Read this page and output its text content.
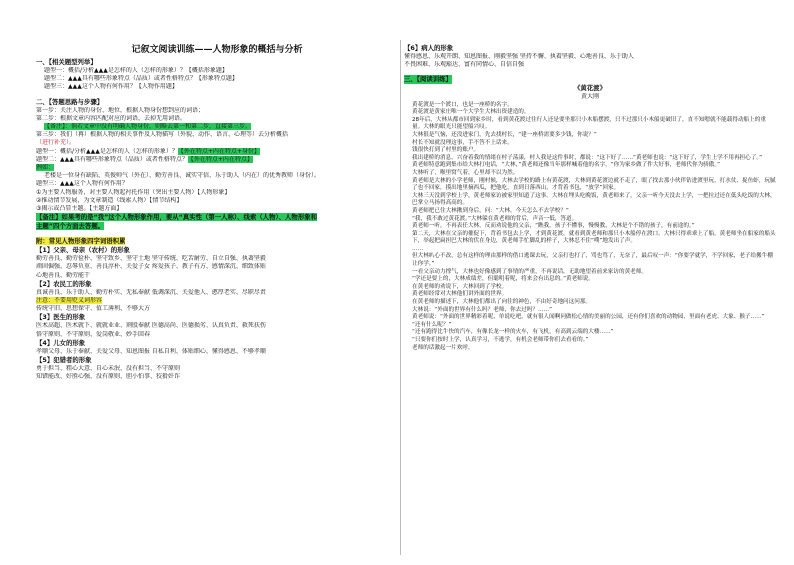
记叙文阅读训练——人物形象的概括与分析
一、【相关题型列举】
题型一：概括/分析▲▲▲是怎样的人（怎样的形象）？【概括形象题】
题型二：▲▲▲具有哪些形象特点（品质）或者性格特点？【形象特点题】
题型三：▲▲▲这个人物有何作用？【人物作用题】
二、【答题思路与步骤】
第一步：关注人物的身份、地位，根据人物身份想到应的词语；
第二步：根据文章内容匹配对应的词语，去掉无用词语。
【备注】：倘若文章中没有明确人物身份，则略去第一和第二步，直接第三步。
第三步：我们（再）根据人物的相关事件及人物描写（外貌、动作、语言、心理等）去分析概括
（进行补充）。
题型一：概括/分析▲▲▲是怎样的人（怎样的形象）？【外在特点+内在特点+身份】
题型二：▲▲▲具有哪些形象特点（品质）或者性格特点？【外在特点+内在特点】
例如：
老楼是一位身有缺陷、英俊帅气（外在）、勤劳善良、诚实守信、乐于助人（内在）的优秀教师（身份）。
题型三：▲▲▲这个人物有何作用？
①为主要人物服务，对主要人物起衬托作用（突出主要人物）【人物形象】
②推动情节发展，为文章制造（线索人物）【情节结构】
③揭示或凸显主题。【主题方面】
【备注】如果考的是“我”这个人物形象作用，要从“真实性（第一人称）、线索（人物）、人物形象和
主题”四个方面去答题。
附：常见人物形象四字词语积累
【1】父亲、母亲（农村）的形象
勤劳善良、勤劳俭朴、坚守致乡、坚守土地 坚守传统、吃苦耐劳、自立自强、执著坚毅
顽固倔强、忍辱负重、善良淳朴、关爱子女 疼爱孩子、教子有方、感情深沉、细致体贴
心地善良、勤劳能干
【2】农民工的形象
真诚善良、乐于助人、勤劳朴实、无私奉献 低调深沉、关爱他人、憨厚老实、尽职尽责
注意：不要用贬义词形容
传统守旧、思想保守、值工薄利、不够大方
【3】医生的形象
医术高超、医术就下、就就业业、割股奉献 医德高尚、医德损劣、认真负责、救死扶伤
恪守原则、不守原则、爱岗敬业、妙手回春
【4】儿女的形象
孝顺父母、乐于奉献、关爱父母、知恩图报 自私自利、体贴细心、懂得感恩、不够孝顺
【5】犯错者的形象
勇于担当、粗心大意、自心未泯、没有担当、不守原则
知错能改、好胜心强、没有原则、胆小怕事、狡猾奸诈
【6】病人的形象
懂得感恩、乐观开朗、知恩图报、刚毅坚强 坚持不懈、执着坚毅、心地善良、乐于助人
不畏困难、乐观豁达、富有同情心、自信自强
三、【阅读训练】
《黄花渡》
黄大刚
黄花渡是一个渡口，也是一座桥的名字。
黄花渡是黄家庄唯一个大学生大林出资建造的。
28年后，大林从都市回到家乡时，看到黄花渡过往行人还是要坐那只小木船摆渡，只不过那只小木船更破旧了，直不知嗯就不能载得动船上的重量。大林的眼光只能望船兴叹。
大林很是气恼，还没进家门，先去找村长，“建一座桥需要多少钱，你说？”
村长不知就没理这事，手不答不上话来。
钱很快打到了村里的账户。
我出建桥的消息，兴奋着我的情绪在村子荡漾，村人我是这件事时，都说：“这下好了……”黄老师也说：“这下好了，学生上学不用再担心了。”
黄老师特意跑到集市给大林打电话，“大林，”黄老师还像当年那样喊着他的名字，“你为家乡做了件大好事，老师代你为骄傲。”
大林听了，喉里窝气着，心里却不以为然。
黄老师是大林的小学老师，刚村候，大林去学校的路上有黄花渡，大林到黄花渡边就不走了，眼了找去那小伙伴钻进渡里玩，打水仗、捉鱼虾，玩腻了也不回家，摸出地里摘西瓜，把他吃，直到日落西山，才背着书包，“放学”回家。
大林三天没到学校上学，黄老师家访被家里知道了这事。大林在埋头吃晚饭，黄老师来了，父亲一听今天没去上学，一把拉过还在低头吃饭的大林，巴掌立马扬得高高的。
黄老师把已住大林揪到身后，问：“大林，今天怎么不去学校？”
“我，我不敢过黄花渡。”大林躲在黄老师的背后，声音一低，答道。
黄老师一听，不再表任大林，反而劝说他的父亲，“瞧我，孩子不懂事，慢慢教，大林是个不错的孩子，有前途的。”
第二天，大林在父亲的催促下，背着书包去上学，才到黄花渡，就看到黄老师和那只小木船停在渡口。大林只得乖乖上了船，黄老师坐在船家的船头下，举起把扁担巴大林的伏在身边，黄老师手忙脚乱的样子，大林忍不住“噗”地发出了声。
……
但大林叭心不改，总有这样的理由那样的借口逃课去玩，父亲打也打了，骂也骂了，无奈了，最后叹一声：“你要学就学，不学回家，老子给搬牛棚让你学。”
一看父亲动力撑气，大林也好像感到了事情的严重，不再说话，无助地望着前来家访的黄老师。
“学还是要上的，大林成绩差，但聪明着呢，将来会有出息的。”黄老师说。
在黄老师的劝说下，大林回到了学校。
黄老师经常对大林他们讲外面的世界。
在黄老师的描述下，大林他们都出了向往的神色，不由好奇地问这问那。
大林说：“外面的世界有什么吗？老师，你去过吗？……”
黄老师说：“外面的世界精彩着呢，单说吃吧，就有很人闻啊问做松心情的美丽的公园，还有你们喜欢的动物园，里面有老虎、大象、猴子……”
“还有什么呢？”
“还有跑得比牛快的汽车，有像长龙一样的火车，有飞机，有高到云端的大楼……”
“只要你们按时上学，认真学习，不逃学，有机会老师带你们去看看的。”
老师的话激起一片欢呼。
